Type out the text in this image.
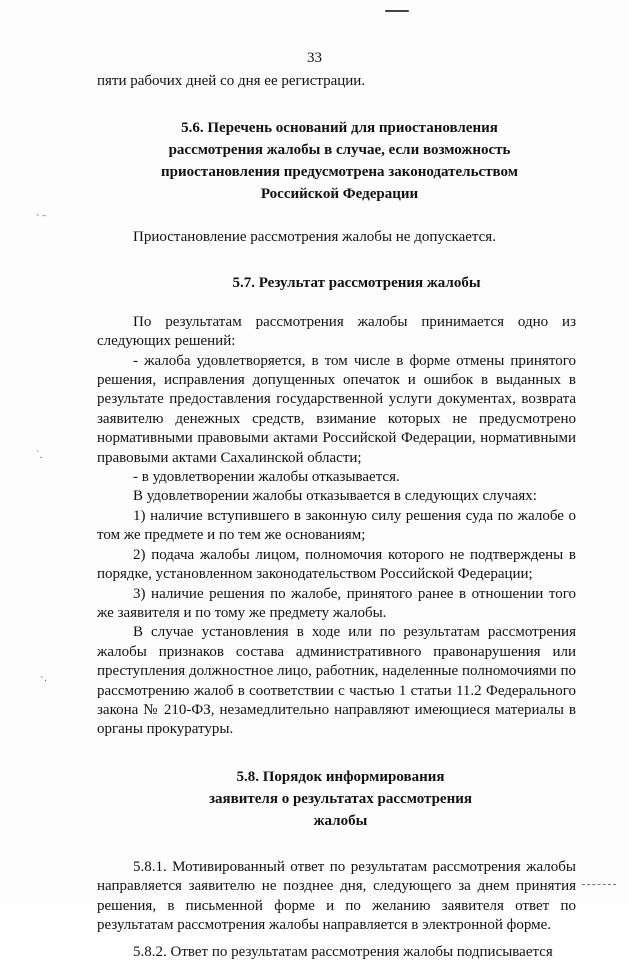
ˋ ˉ
ˋ.
ˋ·
33

пяти рабочих дней со дня ее регистрации.

5.6. Перечень оснований для приостановления рассмотрения жалобы в случае, если возможность приостановления предусмотрена законодательством Российской Федерации

Приостановление рассмотрения жалобы не допускается.

5.7. Результат рассмотрения жалобы

По результатам рассмотрения жалобы принимается одно из следующих решений:

- жалоба удовлетворяется, в том числе в форме отмены принятого решения, исправления допущенных опечаток и ошибок в выданных в результате предоставления государственной услуги документах, возврата заявителю денежных средств, взимание которых не предусмотрено нормативными правовыми актами Российской Федерации, нормативными правовыми актами Сахалинской области;

- в удовлетворении жалобы отказывается.

В удовлетворении жалобы отказывается в следующих случаях:

1) наличие вступившего в законную силу решения суда по жалобе о том же предмете и по тем же основаниям;

2) подача жалобы лицом, полномочия которого не подтверждены в порядке, установленном законодательством Российской Федерации;

3) наличие решения по жалобе, принятого ранее в отношении того же заявителя и по тому же предмету жалобы.

В случае установления в ходе или по результатам рассмотрения жалобы признаков состава административного правонарушения или преступления должностное лицо, работник, наделенные полномочиями по рассмотрению жалоб в соответствии с частью 1 статьи 11.2 Федерального закона № 210-ФЗ, незамедлительно направляют имеющиеся материалы в органы прокуратуры.

5.8. Порядок информирования заявителя о результатах рассмотрения жалобы

5.8.1. Мотивированный ответ по результатам рассмотрения жалобы направляется заявителю не позднее дня, следующего за днем принятия решения, в письменной форме и по желанию заявителя ответ по результатам рассмотрения жалобы направляется в электронной форме.

5.8.2. Ответ по результатам рассмотрения жалобы подписывается
